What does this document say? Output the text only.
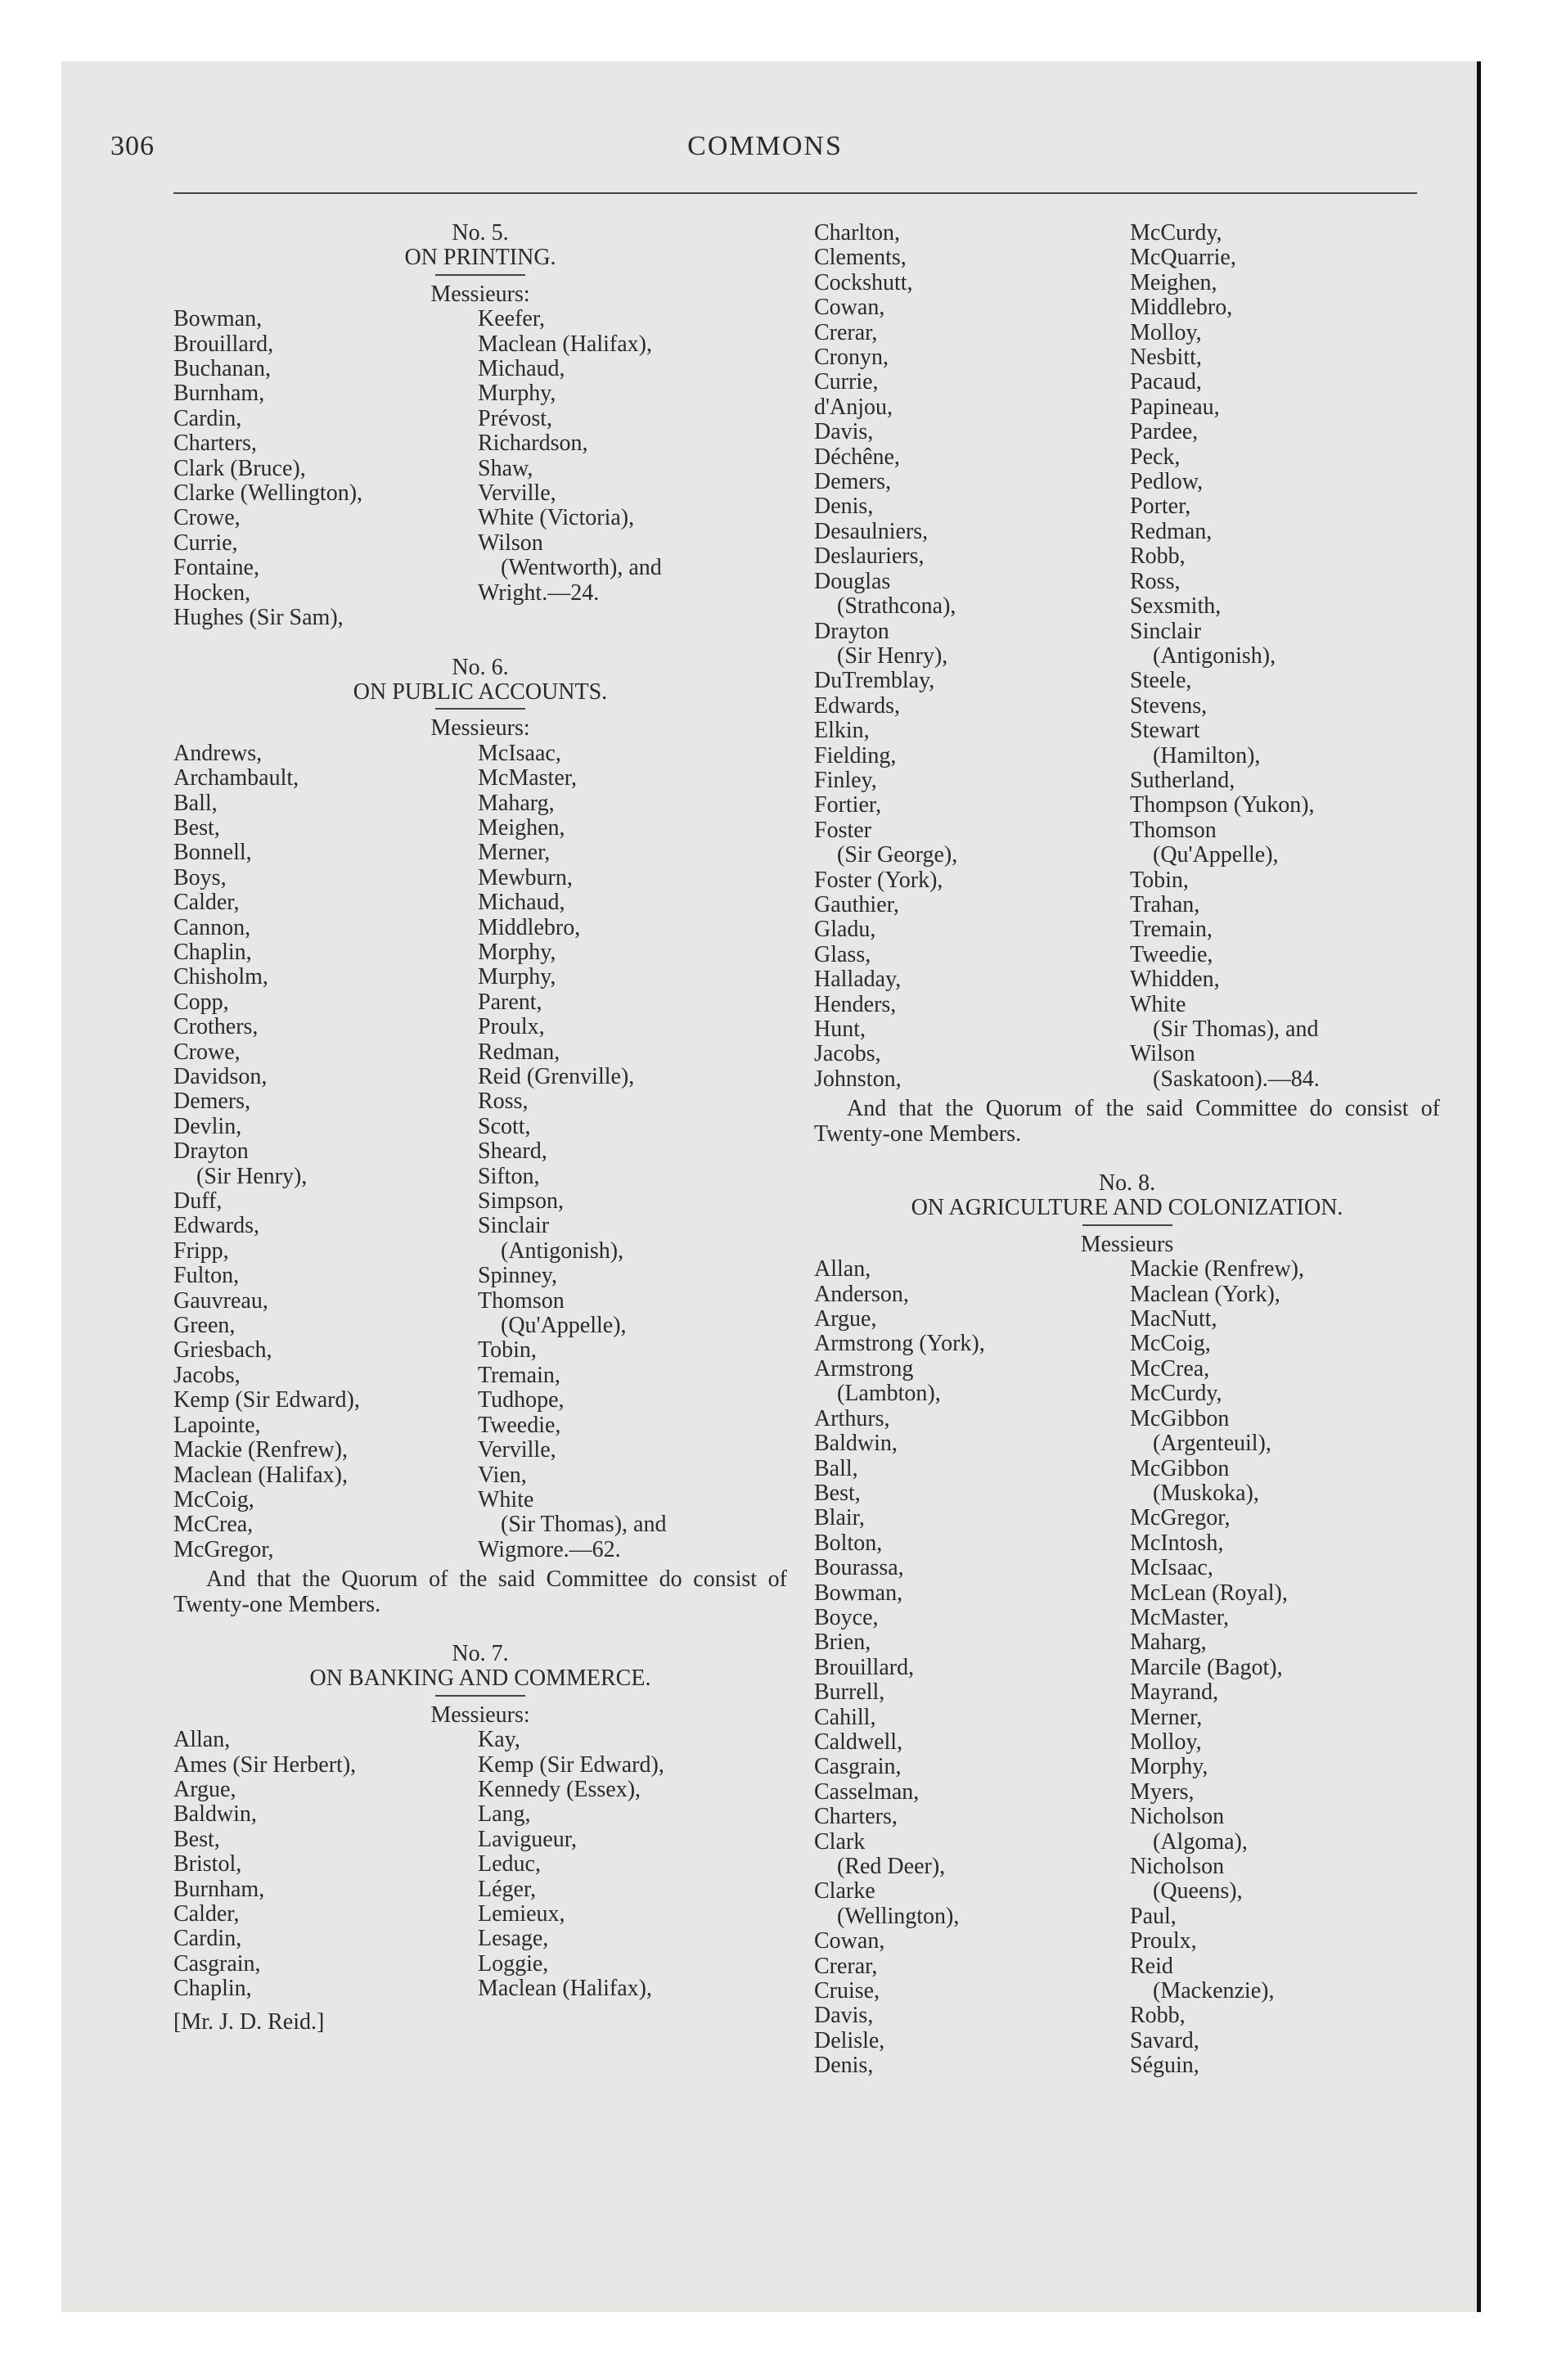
306	COMMONS
No. 5.
ON PRINTING.
Messieurs:
Bowman,
Brouillard,
Buchanan,
Burnham,
Cardin,
Charters,
Clark (Bruce),
Clarke (Wellington),
Crowe,
Currie,
Fontaine,
Hocken,
Hughes (Sir Sam),
Keefer,
Maclean (Halifax),
Michaud,
Murphy,
Prévost,
Richardson,
Shaw,
Verville,
White (Victoria),
Wilson
(Wentworth), and
Wright.—24.
No. 6.
ON PUBLIC ACCOUNTS.
Messieurs:
Andrews,
Archambault,
Ball,
Best,
Bonnell,
Boys,
Calder,
Cannon,
Chaplin,
Chisholm,
Copp,
Crothers,
Crowe,
Davidson,
Demers,
Devlin,
Drayton
(Sir Henry),
Duff,
Edwards,
Fripp,
Fulton,
Gauvreau,
Green,
Griesbach,
Jacobs,
Kemp (Sir Edward),
Lapointe,
Mackie (Renfrew),
Maclean (Halifax),
McCoig,
McCrea,
McGregor,
McIsaac,
McMaster,
Maharg,
Meighen,
Merner,
Mewburn,
Michaud,
Middlebro,
Morphy,
Murphy,
Parent,
Proulx,
Redman,
Reid (Grenville),
Ross,
Scott,
Sheard,
Sifton,
Simpson,
Sinclair
(Antigonish),
Spinney,
Thomson
(Qu'Appelle),
Tobin,
Tremain,
Tudhope,
Tweedie,
Verville,
Vien,
White
(Sir Thomas), and
Wigmore.—62.

And that the Quorum of the said Committee do consist of Twenty-one Members.

No. 7.
ON BANKING AND COMMERCE.
Messieurs:
Allan,
Ames (Sir Herbert),
Argue,
Baldwin,
Best,
Bristol,
Burnham,
Calder,
Cardin,
Casgrain,
Chaplin,
Kay,
Kemp (Sir Edward),
Kennedy (Essex),
Lang,
Lavigueur,
Leduc,
Léger,
Lemieux,
Lesage,
Loggie,
Maclean (Halifax),
[Mr. J. D. Reid.]
Charlton,
Clements,
Cockshutt,
Cowan,
Crerar,
Cronyn,
Currie,
d'Anjou,
Davis,
Déchêne,
Demers,
Denis,
Desaulniers,
Deslauriers,
Douglas
(Strathcona),
Drayton
(Sir Henry),
DuTremblay,
Edwards,
Elkin,
Fielding,
Finley,
Fortier,
Foster
(Sir George),
Foster (York),
Gauthier,
Gladu,
Glass,
Halladay,
Henders,
Hunt,
Jacobs,
Johnston,
McCurdy,
McQuarrie,
Meighen,
Middlebro,
Molloy,
Nesbitt,
Pacaud,
Papineau,
Pardee,
Peck,
Pedlow,
Porter,
Redman,
Robb,
Ross,
Sexsmith,
Sinclair
(Antigonish),
Steele,
Stevens,
Stewart
(Hamilton),
Sutherland,
Thompson (Yukon),
Thomson
(Qu'Appelle),
Tobin,
Trahan,
Tremain,
Tweedie,
Whidden,
White
(Sir Thomas), and
Wilson
(Saskatoon).—84.

And that the Quorum of the said Committee do consist of Twenty-one Members.

No. 8.
ON AGRICULTURE AND COLONIZATION.
Messieurs
Allan,
Anderson,
Argue,
Armstrong (York),
Armstrong
(Lambton),
Arthurs,
Baldwin,
Ball,
Best,
Blair,
Bolton,
Bourassa,
Bowman,
Boyce,
Brien,
Brouillard,
Burrell,
Cahill,
Caldwell,
Casgrain,
Casselman,
Charters,
Clark
(Red Deer),
Clarke
(Wellington),
Cowan,
Crerar,
Cruise,
Davis,
Delisle,
Denis,
Mackie (Renfrew),
Maclean (York),
MacNutt,
McCoig,
McCrea,
McCurdy,
McGibbon
(Argenteuil),
McGibbon
(Muskoka),
McGregor,
McIntosh,
McIsaac,
McLean (Royal),
McMaster,
Maharg,
Marcile (Bagot),
Mayrand,
Merner,
Molloy,
Morphy,
Myers,
Nicholson
(Algoma),
Nicholson
(Queens),
Paul,
Proulx,
Reid
(Mackenzie),
Robb,
Savard,
Séguin,
